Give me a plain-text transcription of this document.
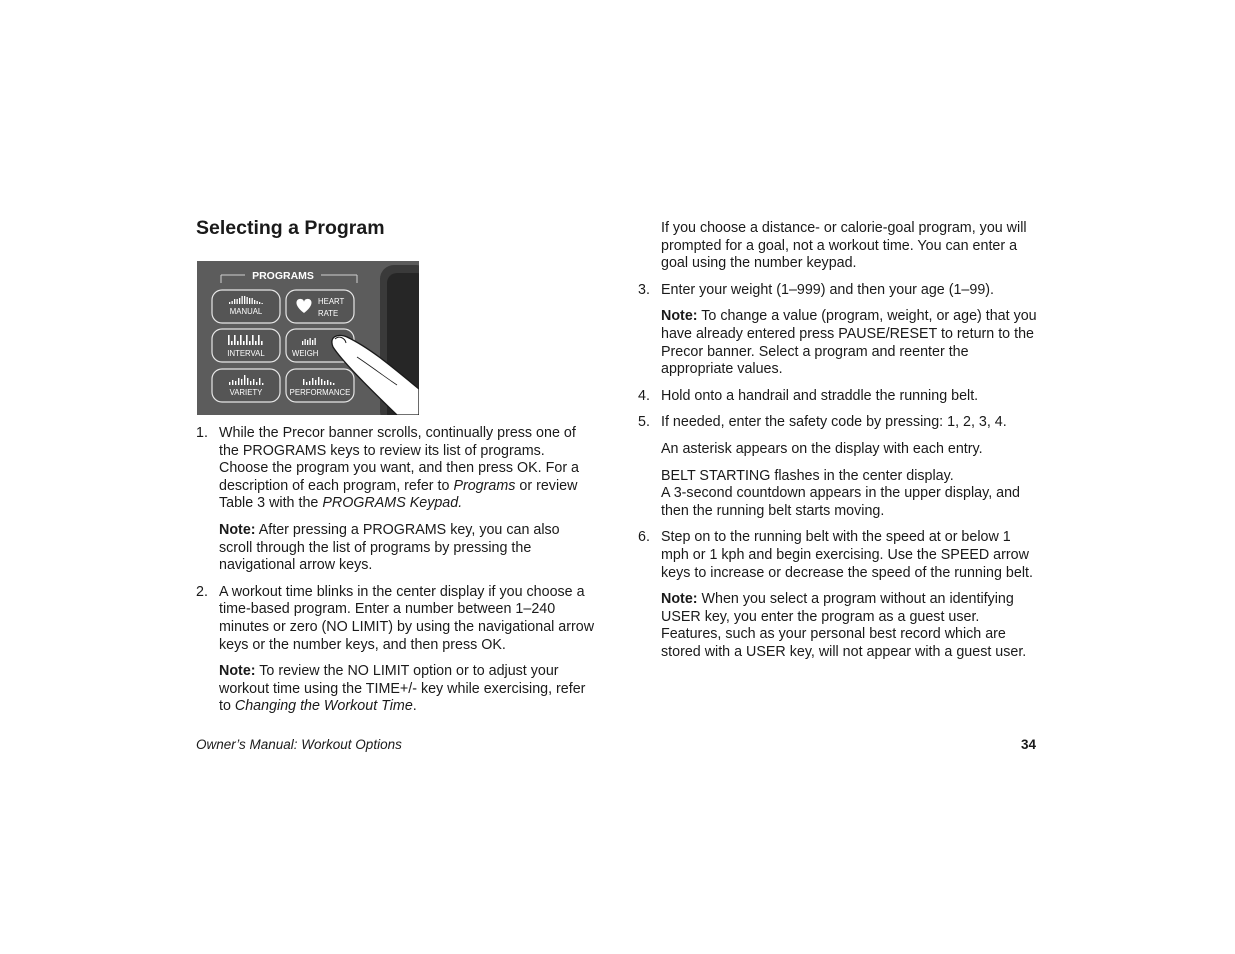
Selecting a Program
PROGRAMS
MANUAL
HEART
RATE
INTERVAL	WEIGH
VARIETY	PERFORMANCE
1. While the Precor banner scrolls, continually press one of the PROGRAMS keys to review its list of programs. Choose the program you want, and then press OK. For a description of each program, refer to Programs or review Table 3 with the PROGRAMS Keypad.

Note: After pressing a PROGRAMS key, you can also scroll through the list of programs by pressing the navigational arrow keys.

2. A workout time blinks in the center display if you choose a time-based program. Enter a number between 1–240 minutes or zero (NO LIMIT) by using the navigational arrow keys or the number keys, and then press OK.

Note: To review the NO LIMIT option or to adjust your workout time using the TIME+/- key while exercising, refer to Changing the Workout Time.

If you choose a distance- or calorie-goal program, you will prompted for a goal, not a workout time. You can enter a goal using the number keypad.

3. Enter your weight (1–999) and then your age (1–99).

Note: To change a value (program, weight, or age) that you have already entered press PAUSE/RESET to return to the Precor banner. Select a program and reenter the appropriate values.

4. Hold onto a handrail and straddle the running belt.

5. If needed, enter the safety code by pressing: 1, 2, 3, 4.

An asterisk appears on the display with each entry.

BELT STARTING flashes in the center display.
A 3-second countdown appears in the upper display, and then the running belt starts moving.

6. Step on to the running belt with the speed at or below 1 mph or 1 kph and begin exercising. Use the SPEED arrow keys to increase or decrease the speed of the running belt.

Note: When you select a program without an identifying USER key, you enter the program as a guest user. Features, such as your personal best record which are stored with a USER key, will not appear with a guest user.

Owner’s Manual: Workout Options	34
